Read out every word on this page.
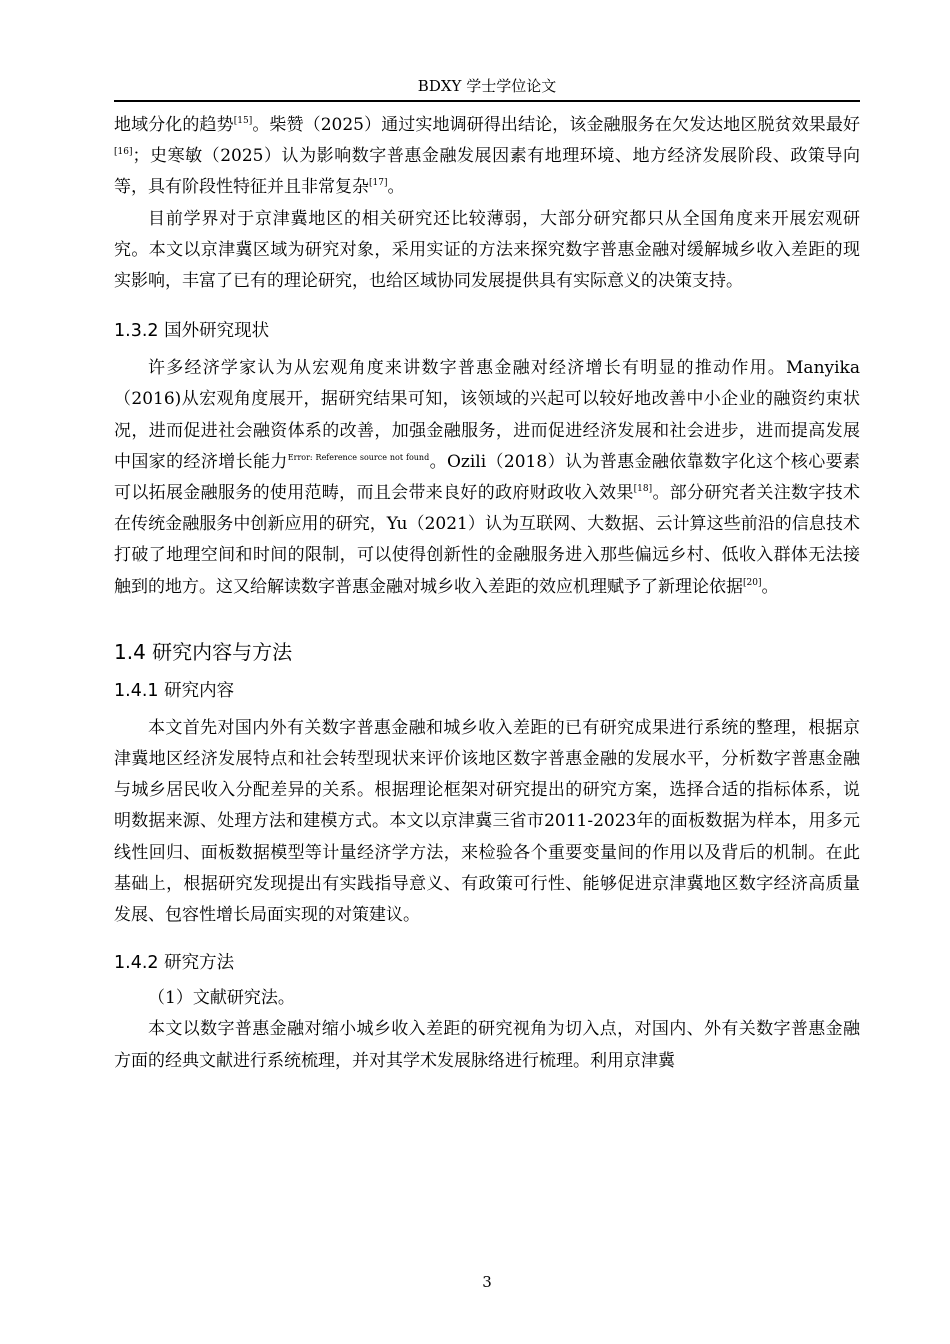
BDXY 学士学位论文

地域分化的趋势[15]。柴赞（2025）通过实地调研得出结论，该金融服务在欠发达地区脱贫效果最好[16]；史寒敏（2025）认为影响数字普惠金融发展因素有地理环境、地方经济发展阶段、政策导向等，具有阶段性特征并且非常复杂[17]。

目前学界对于京津冀地区的相关研究还比较薄弱，大部分研究都只从全国角度来开展宏观研究。本文以京津冀区域为研究对象，采用实证的方法来探究数字普惠金融对缓解城乡收入差距的现实影响，丰富了已有的理论研究，也给区域协同发展提供具有实际意义的决策支持。

1.3.2 国外研究现状

许多经济学家认为从宏观角度来讲数字普惠金融对经济增长有明显的推动作用。Manyika（2016)从宏观角度展开，据研究结果可知，该领域的兴起可以较好地改善中小企业的融资约束状况，进而促进社会融资体系的改善，加强金融服务，进而促进经济发展和社会进步，进而提高发展中国家的经济增长能力$^{Error: Reference source not found}$。Ozili（2018）认为普惠金融依靠数字化这个核心要素可以拓展金融服务的使用范畴，而且会带来良好的政府财政收入效果[18]。部分研究者关注数字技术在传统金融服务中创新应用的研究，Yu（2021）认为互联网、大数据、云计算这些前沿的信息技术打破了地理空间和时间的限制，可以使得创新性的金融服务进入那些偏远乡村、低收入群体无法接触到的地方。这又给解读数字普惠金融对城乡收入差距的效应机理赋予了新理论依据[20]。

1.4 研究内容与方法
1.4.1 研究内容

本文首先对国内外有关数字普惠金融和城乡收入差距的已有研究成果进行系统的整理，根据京津冀地区经济发展特点和社会转型现状来评价该地区数字普惠金融的发展水平，分析数字普惠金融与城乡居民收入分配差异的关系。根据理论框架对研究提出的研究方案，选择合适的指标体系，说明数据来源、处理方法和建模方式。本文以京津冀三省市2011-2023年的面板数据为样本，用多元线性回归、面板数据模型等计量经济学方法，来检验各个重要变量间的作用以及背后的机制。在此基础上，根据研究发现提出有实践指导意义、有政策可行性、能够促进京津冀地区数字经济高质量发展、包容性增长局面实现的对策建议。

1.4.2 研究方法

（1）文献研究法。

本文以数字普惠金融对缩小城乡收入差距的研究视角为切入点，对国内、外有关数字普惠金融方面的经典文献进行系统梳理，并对其学术发展脉络进行梳理。利用京津冀

3
